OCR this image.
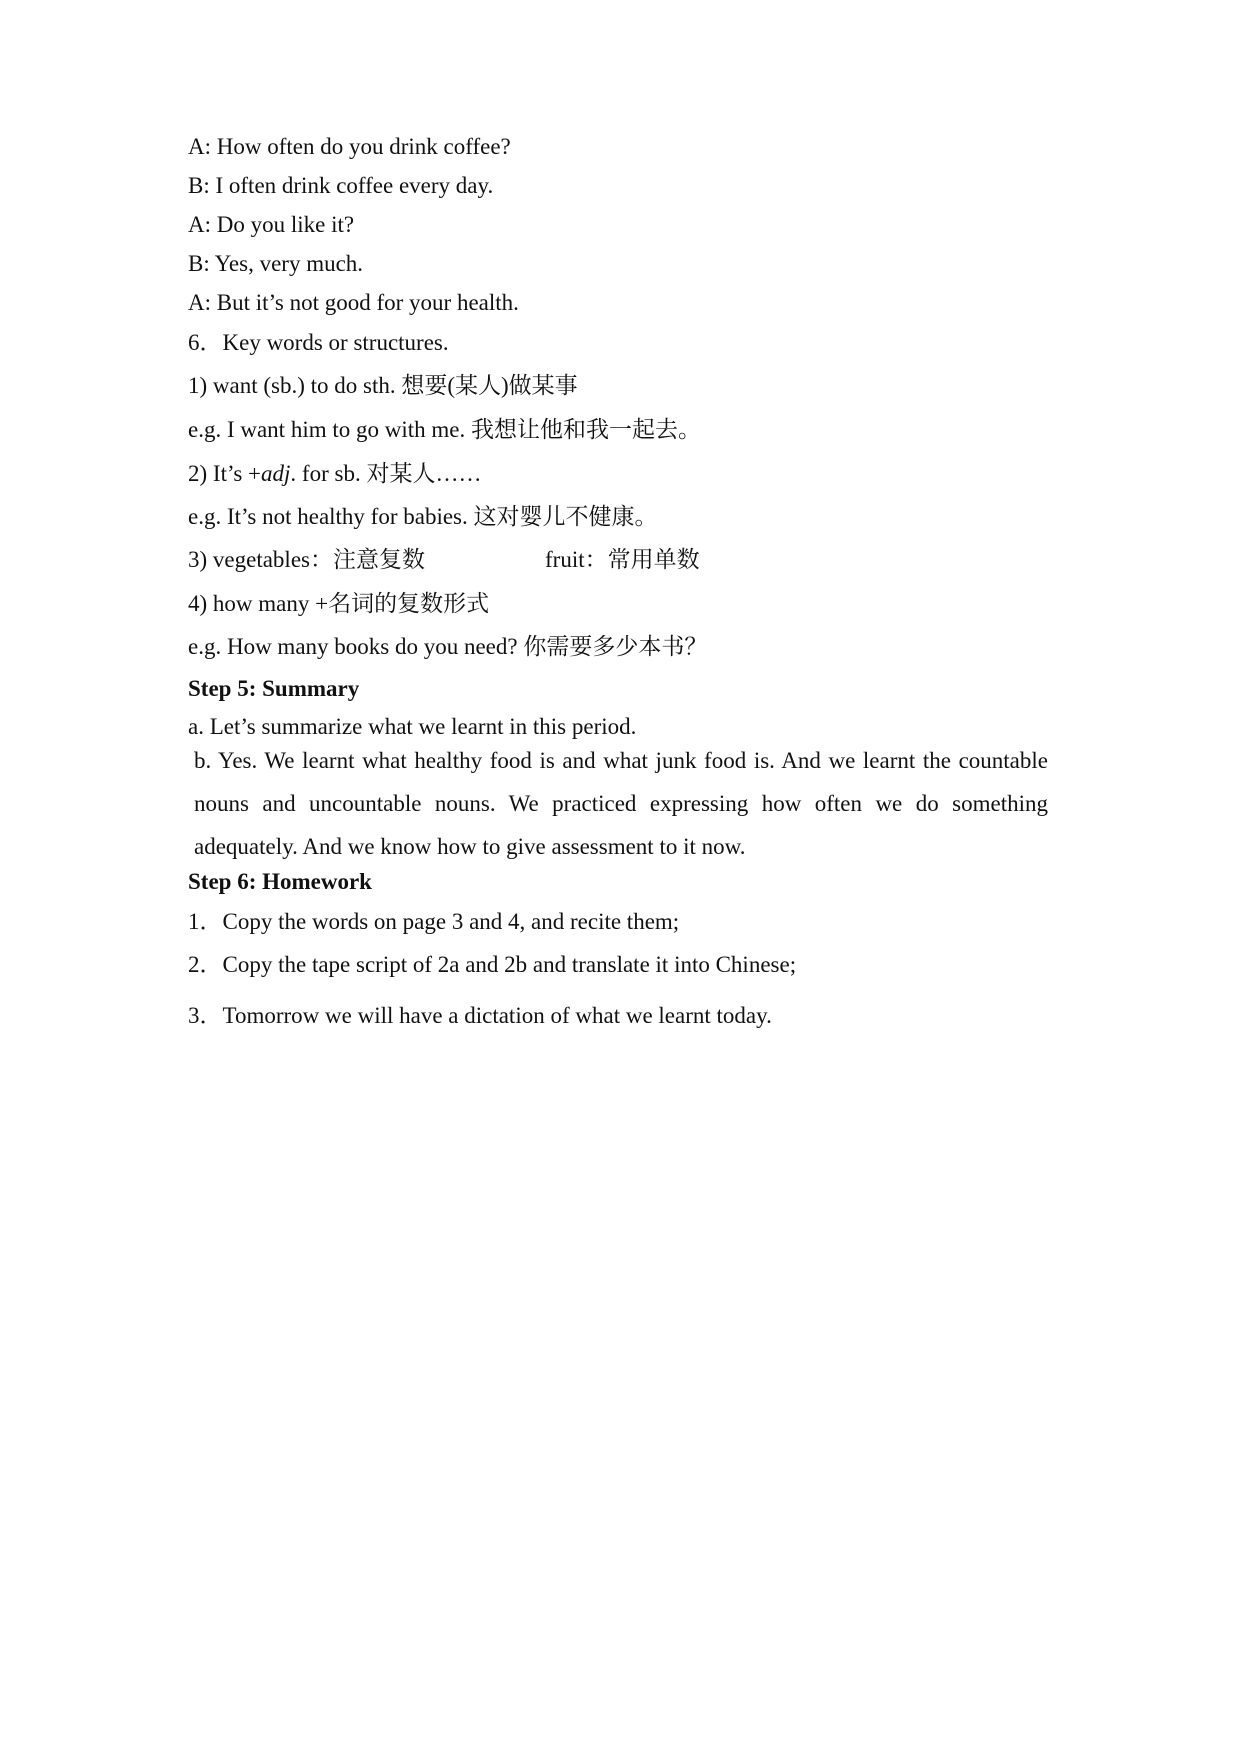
A: How often do you drink coffee?
B: I often drink coffee every day.
A: Do you like it?
B: Yes, very much.
A: But it’s not good for your health.
6．Key words or structures.
1) want (sb.) to do sth. 想要(某人)做某事
e.g. I want him to go with me. 我想让他和我一起去。
2) It’s +adj. for sb. 对某人……
e.g. It’s not healthy for babies. 这对婴儿不健康。
3) vegetables：注意复数	fruit：常用单数
4) how many +名词的复数形式
e.g. How many books do you need? 你需要多少本书？
Step 5: Summary
a. Let’s summarize what we learnt in this period.
b. Yes. We learnt what healthy food is and what junk food is. And we learnt the countable nouns and uncountable nouns. We practiced expressing how often we do something adequately. And we know how to give assessment to it now.
Step 6: Homework
1．Copy the words on page 3 and 4, and recite them;
2．Copy the tape script of 2a and 2b and translate it into Chinese;
3．Tomorrow we will have a dictation of what we learnt today.
